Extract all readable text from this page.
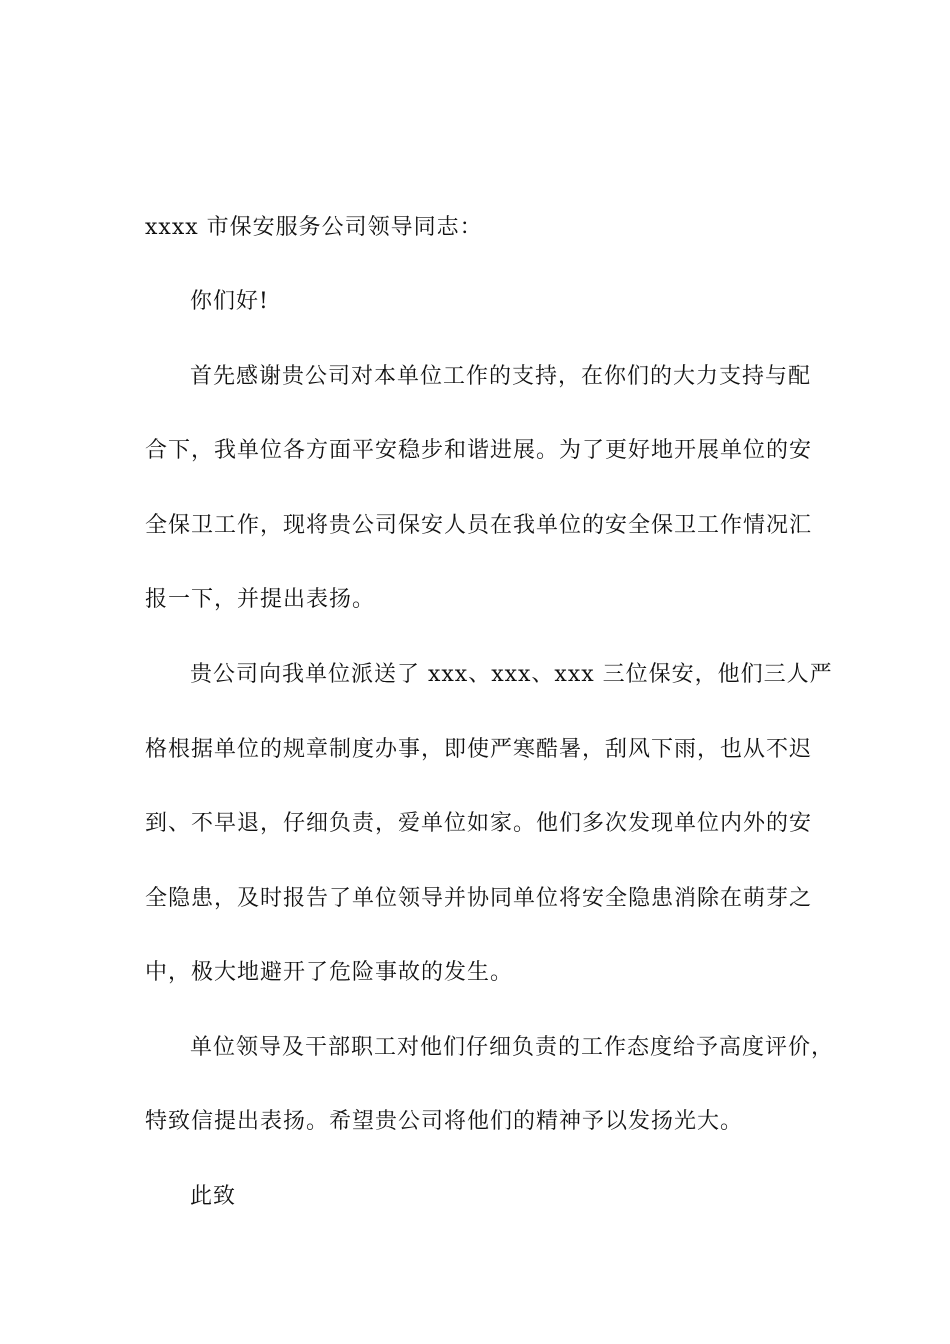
xxxx 市保安服务公司领导同志：
你们好!
首先感谢贵公司对本单位工作的支持，在你们的大力支持与配
合下，我单位各方面平安稳步和谐进展。为了更好地开展单位的安
全保卫工作，现将贵公司保安人员在我单位的安全保卫工作情况汇
报一下，并提出表扬。
贵公司向我单位派送了 xxx、xxx、xxx 三位保安，他们三人严
格根据单位的规章制度办事，即使严寒酷暑，刮风下雨，也从不迟
到、不早退，仔细负责，爱单位如家。他们多次发现单位内外的安
全隐患，及时报告了单位领导并协同单位将安全隐患消除在萌芽之
中，极大地避开了危险事故的发生。
单位领导及干部职工对他们仔细负责的工作态度给予高度评价，
特致信提出表扬。希望贵公司将他们的精神予以发扬光大。
此致
